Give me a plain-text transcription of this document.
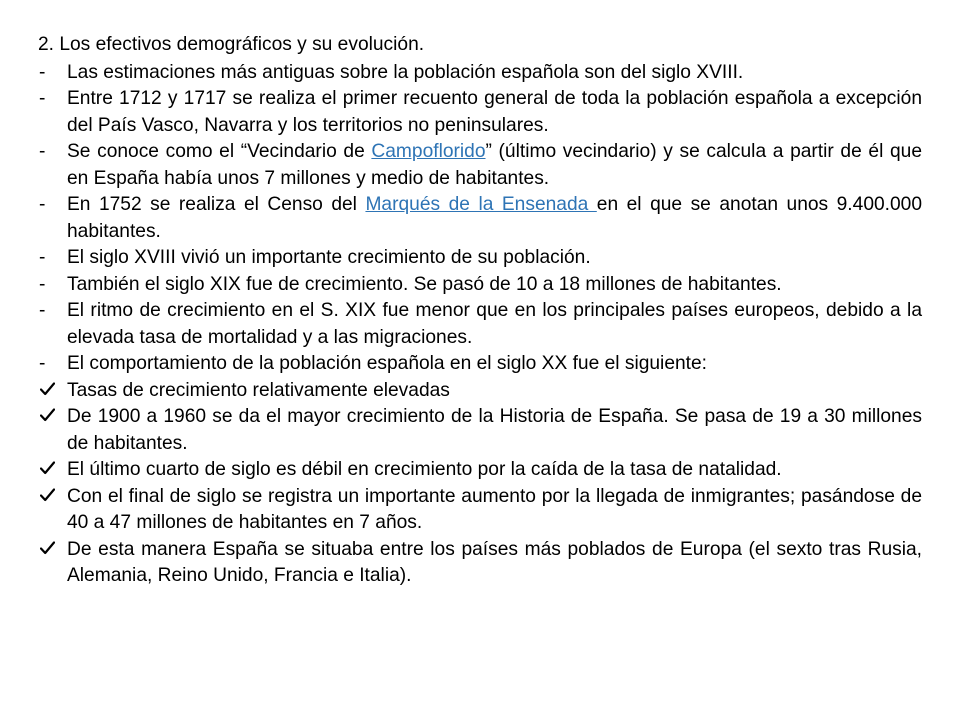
2. Los efectivos demográficos y su evolución.
- Las estimaciones más antiguas sobre la población española son del siglo XVIII.
- Entre 1712 y 1717 se realiza el primer recuento general de toda la población española a excepción del País Vasco, Navarra y los territorios no peninsulares.
- Se conoce como el “Vecindario de Campoflorido” (último vecindario) y se calcula a partir de él que en España había unos 7 millones y medio de habitantes.
- En 1752 se realiza el Censo del Marqués de la Ensenada en el que se anotan unos 9.400.000 habitantes.
- El siglo XVIII vivió un importante crecimiento de su población.
- También el siglo XIX fue de crecimiento. Se pasó de 10 a 18 millones de habitantes.
- El ritmo de crecimiento en el S. XIX fue menor que en los principales países europeos, debido a la elevada tasa de mortalidad y a las migraciones.
- El comportamiento de la población española en el siglo XX fue el siguiente:
Tasas de crecimiento relativamente elevadas
De 1900 a 1960 se da el mayor crecimiento de la Historia de España. Se pasa de 19 a 30 millones de habitantes.
El último cuarto de siglo es débil en crecimiento por la caída de la tasa de natalidad.
Con el final de siglo se registra un importante aumento por la llegada de inmigrantes; pasándose de 40 a 47 millones de habitantes en 7 años.
De esta manera España se situaba entre los países más poblados de Europa (el sexto tras Rusia, Alemania, Reino Unido, Francia e Italia).
